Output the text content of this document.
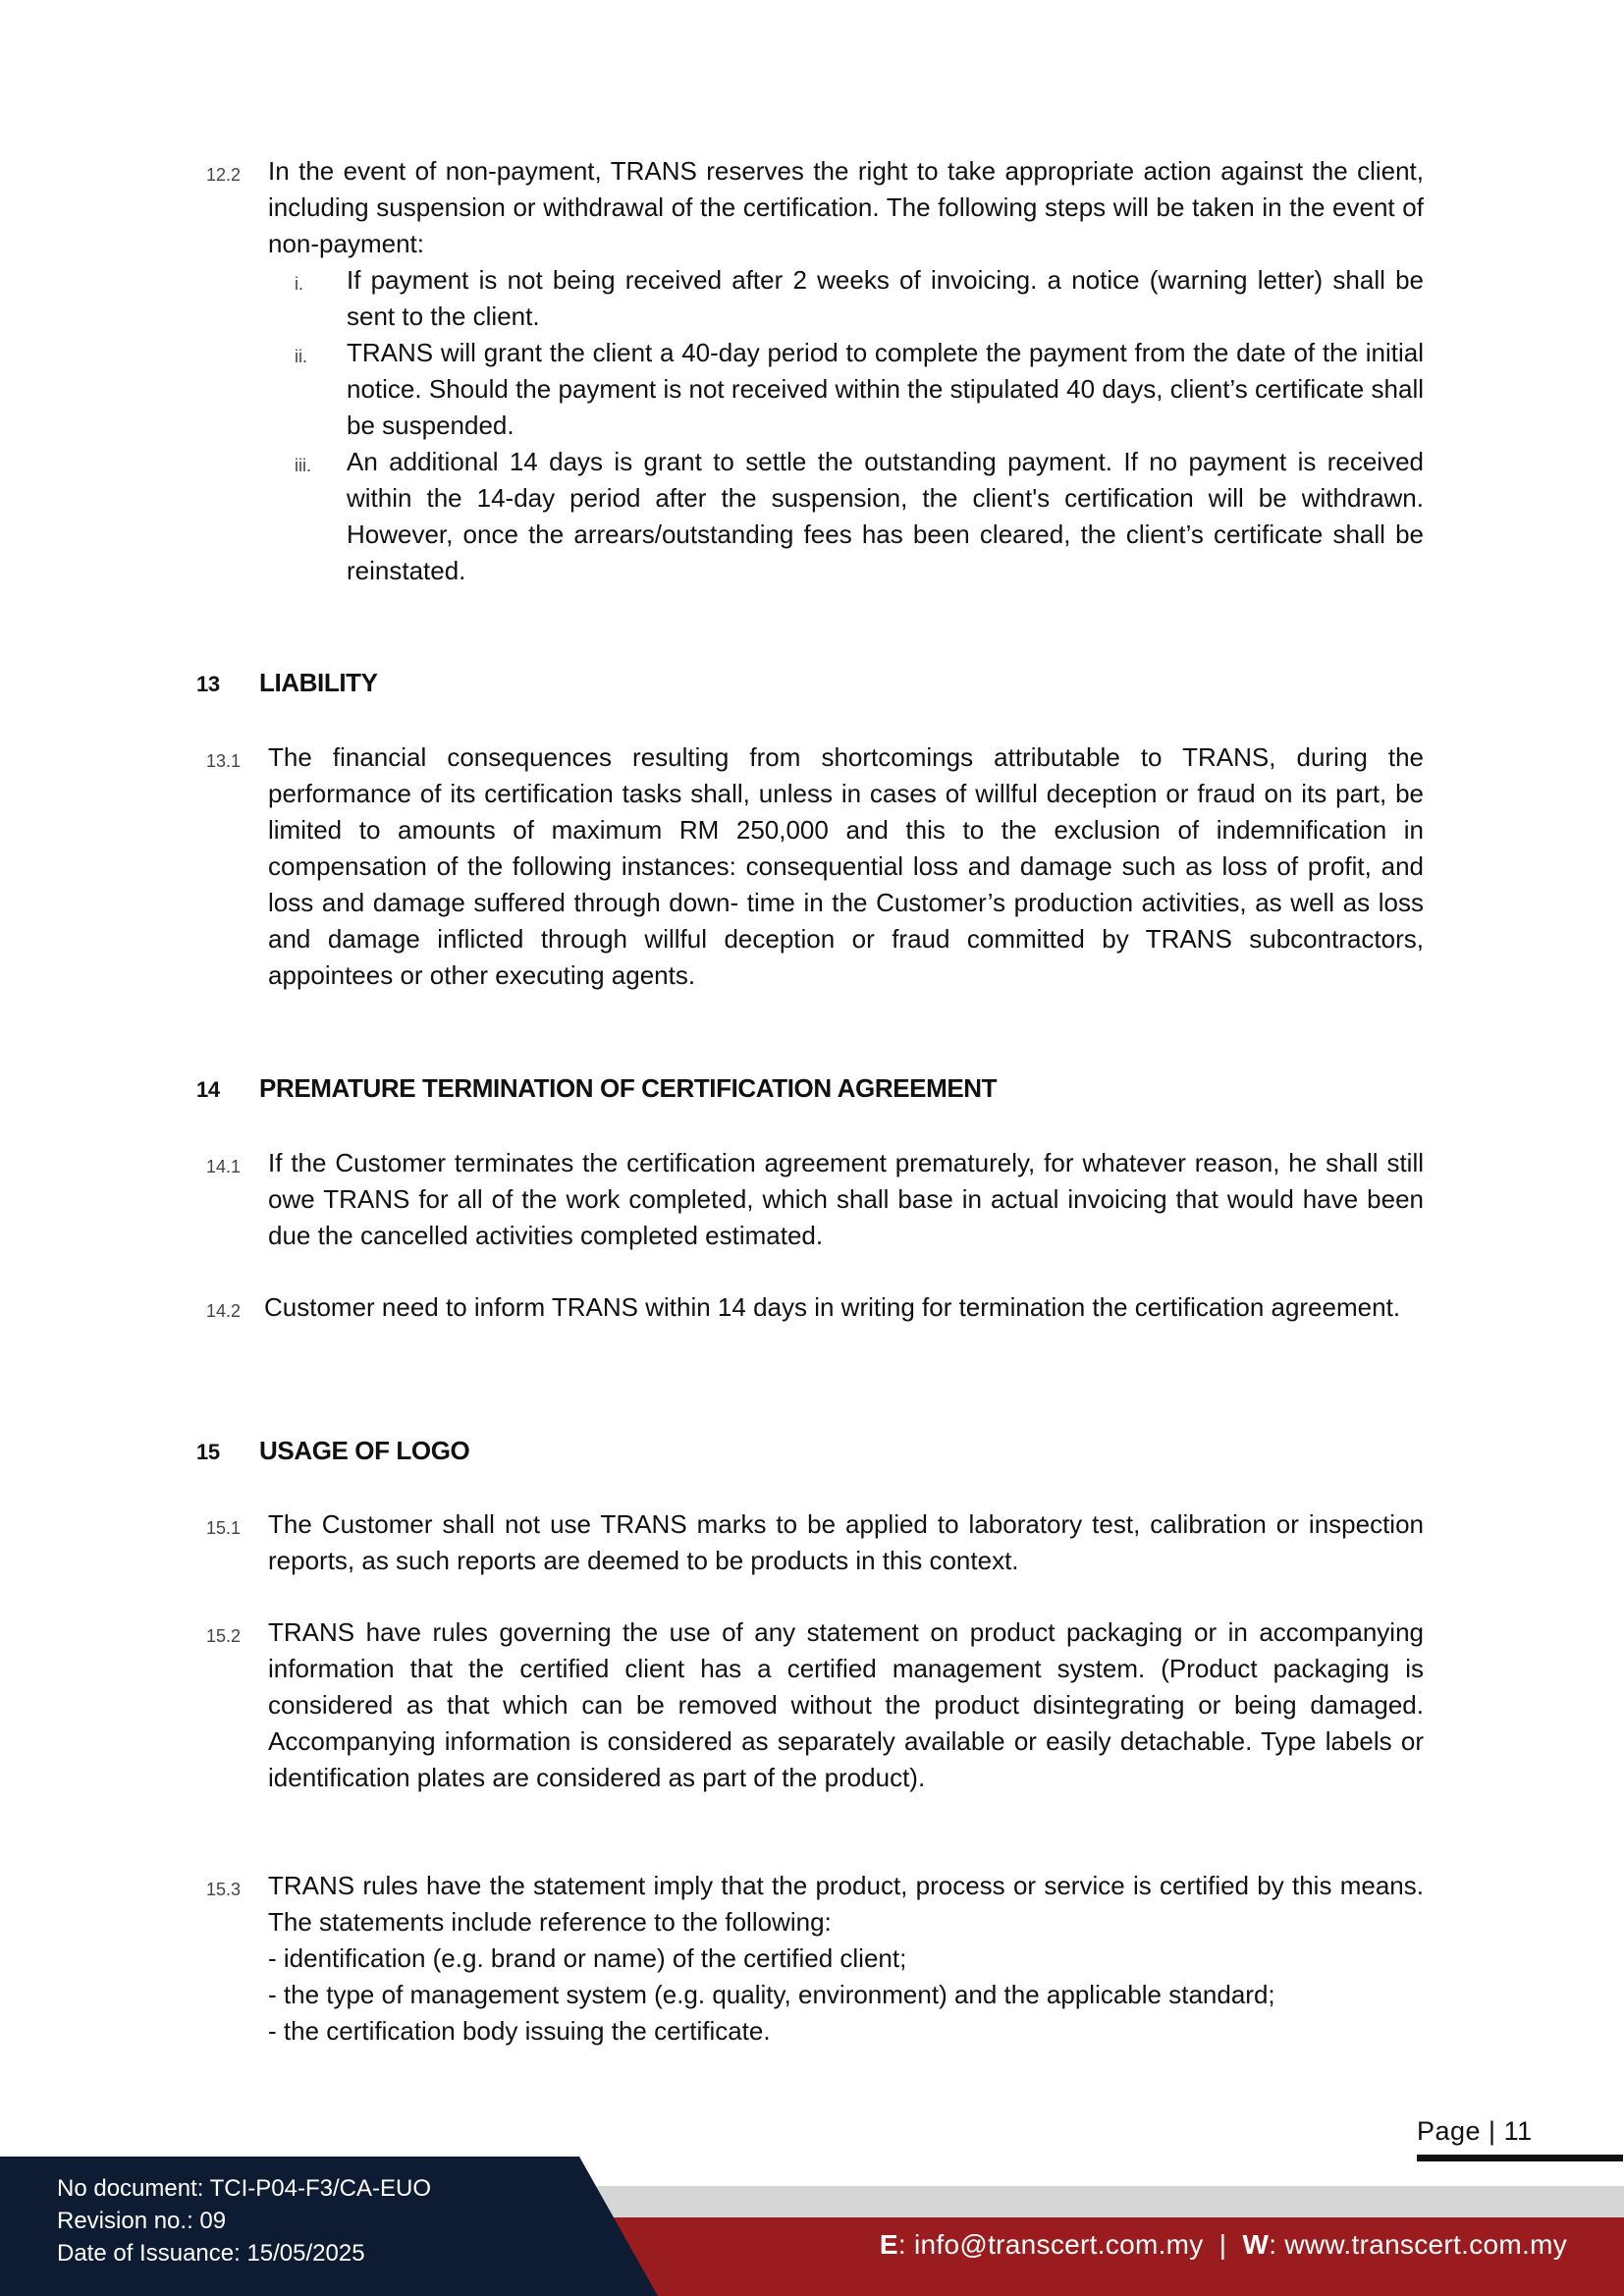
12.2 In the event of non-payment, TRANS reserves the right to take appropriate action against the client, including suspension or withdrawal of the certification. The following steps will be taken in the event of non-payment:
i. If payment is not being received after 2 weeks of invoicing. a notice (warning letter) shall be sent to the client.
ii. TRANS will grant the client a 40-day period to complete the payment from the date of the initial notice. Should the payment is not received within the stipulated 40 days, client’s certificate shall be suspended.
iii. An additional 14 days is grant to settle the outstanding payment. If no payment is received within the 14-day period after the suspension, the client's certification will be withdrawn. However, once the arrears/outstanding fees has been cleared, the client’s certificate shall be reinstated.
13 LIABILITY
13.1 The financial consequences resulting from shortcomings attributable to TRANS, during the performance of its certification tasks shall, unless in cases of willful deception or fraud on its part, be limited to amounts of maximum RM 250,000 and this to the exclusion of indemnification in compensation of the following instances: consequential loss and damage such as loss of profit, and loss and damage suffered through down- time in the Customer’s production activities, as well as loss and damage inflicted through willful deception or fraud committed by TRANS subcontractors, appointees or other executing agents.
14 PREMATURE TERMINATION OF CERTIFICATION AGREEMENT
14.1 If the Customer terminates the certification agreement prematurely, for whatever reason, he shall still owe TRANS for all of the work completed, which shall base in actual invoicing that would have been due the cancelled activities completed estimated.
14.2 Customer need to inform TRANS within 14 days in writing for termination the certification agreement.
15 USAGE OF LOGO
15.1 The Customer shall not use TRANS marks to be applied to laboratory test, calibration or inspection reports, as such reports are deemed to be products in this context.
15.2 TRANS have rules governing the use of any statement on product packaging or in accompanying information that the certified client has a certified management system. (Product packaging is considered as that which can be removed without the product disintegrating or being damaged. Accompanying information is considered as separately available or easily detachable. Type labels or identification plates are considered as part of the product).
15.3 TRANS rules have the statement imply that the product, process or service is certified by this means. The statements include reference to the following:
- identification (e.g. brand or name) of the certified client;
- the type of management system (e.g. quality, environment) and the applicable standard;
- the certification body issuing the certificate.
Page | 11
No document: TCI-P04-F3/CA-EUO
Revision no.: 09
Date of Issuance: 15/05/2025	E: info@transcert.com.my | W: www.transcert.com.my
